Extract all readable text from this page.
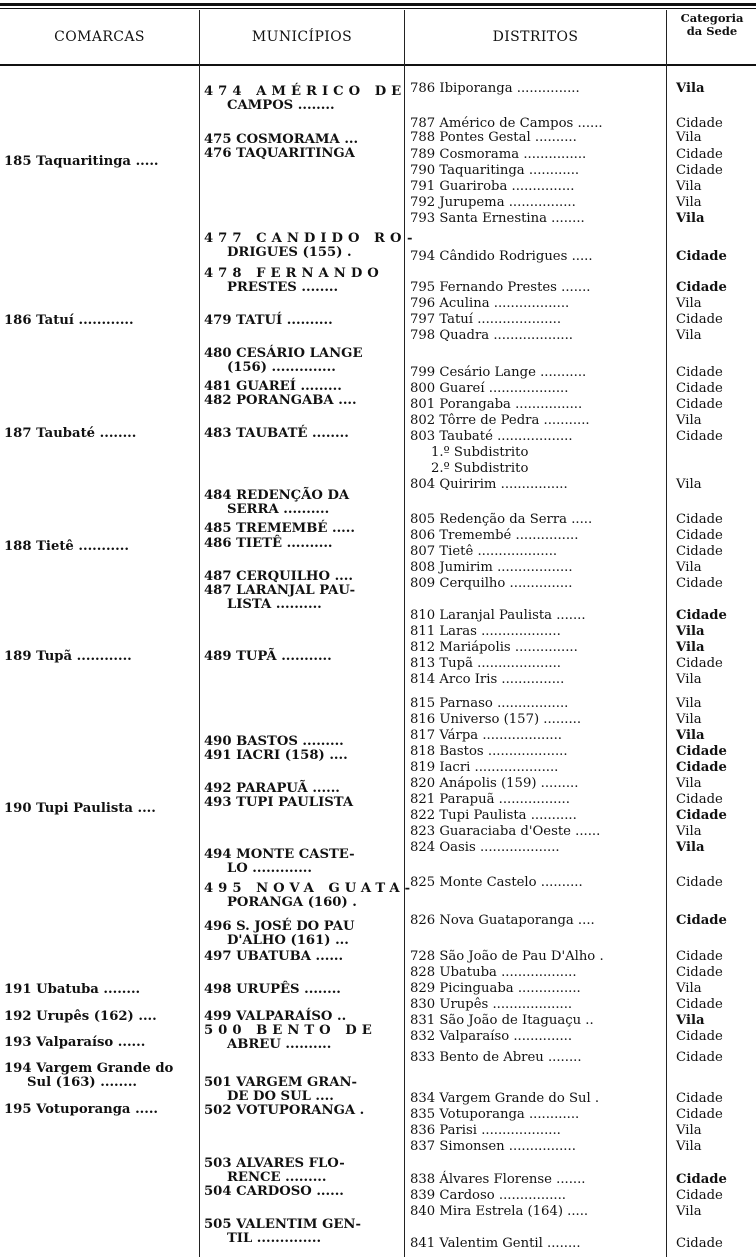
COMARCAS	MUNICÍPIOS	DISTRITOS
Categoria
da Sede
185 Taquaritinga .....
186 Tatuí ............
187 Taubaté ........
188 Tietê ...........
189 Tupã ............
190 Tupi Paulista ....
191 Ubatuba ........
192 Urupês (162) ....
193 Valparaíso ......
194 Vargem Grande do
Sul (163) ........
195 Votuporanga .....
474 AMÉRICO DE
CAMPOS ........
475 COSMORAMA ...
476 TAQUARITINGA
477 CANDIDO RO-
DRIGUES (155) .
478 FERNANDO
PRESTES ........
479 TATUÍ ..........
480 CESÁRIO LANGE
(156) ..............
481 GUAREÍ .........
482 PORANGABA ....
483 TAUBATÉ ........
484 REDENÇÃO DA
SERRA ..........
485 TREMEMBÉ .....
486 TIETÊ ..........
487 CERQUILHO ....
487 LARANJAL PAU-
LISTA ..........
489 TUPÃ ...........
490 BASTOS .........
491 IACRI (158) ....
492 PARAPUÃ ......
493 TUPI PAULISTA
494 MONTE CASTE-
LO .............
495 NOVA GUATA-
PORANGA (160) .
496 S. JOSÉ DO PAU
D'ALHO (161) ...
497 UBATUBA ......
498 URUPÊS ........
499 VALPARAÍSO ..
500 BENTO DE
ABREU ..........
501 VARGEM GRAN-
DE DO SUL ....
502 VOTUPORANGA .
503 ALVARES FLO-
RENCE .........
504 CARDOSO ......
505 VALENTIM GEN-
TIL ..............
786 Ibiporanga ...............
787 Américo de Campos ......
788 Pontes Gestal ..........
789 Cosmorama ...............
790 Taquaritinga ............
791 Guariroba ...............
792 Jurupema ................
793 Santa Ernestina ........
794 Cândido Rodrigues .....
795 Fernando Prestes .......
796 Aculina ..................
797 Tatuí ....................
798 Quadra ...................
799 Cesário Lange ...........
800 Guareí ...................
801 Porangaba ................
802 Tôrre de Pedra ...........
803 Taubaté ..................
1.º Subdistrito
2.º Subdistrito
804 Quiririm ................
805 Redenção da Serra .....
806 Tremembé ...............
807 Tietê ...................
808 Jumirim ..................
809 Cerquilho ...............
810 Laranjal Paulista .......
811 Laras ...................
812 Mariápolis ...............
813 Tupã ....................
814 Arco Iris ...............
815 Parnaso .................
816 Universo (157) .........
817 Várpa ...................
818 Bastos ...................
819 Iacri ....................
820 Anápolis (159) .........
821 Parapuã .................
822 Tupi Paulista ...........
823 Guaraciaba d'Oeste ......
824 Oasis ...................
825 Monte Castelo ..........
826 Nova Guataporanga ....
728 São João de Pau D'Alho .
828 Ubatuba ..................
829 Picinguaba ...............
830 Urupês ...................
831 São João de Itaguaçu ..
832 Valparaíso ..............
833 Bento de Abreu ........
834 Vargem Grande do Sul .
835 Votuporanga ............
836 Parisi ...................
837 Simonsen ................
838 Álvares Florense .......
839 Cardoso ................
840 Mira Estrela (164) .....
841 Valentim Gentil ........
Vila
Cidade
Vila
Cidade
Cidade
Vila
Vila
Vila
Cidade
Cidade
Vila
Cidade
Vila
Cidade
Cidade
Cidade
Vila
Cidade
Vila
Cidade
Cidade
Cidade
Vila
Cidade
Cidade
Vila
Vila
Cidade
Vila
Vila
Vila
Vila
Cidade
Cidade
Vila
Cidade
Cidade
Vila
Vila
Cidade
Cidade
Cidade
Cidade
Vila
Cidade
Vila
Cidade
Cidade
Cidade
Cidade
Vila
Vila
Cidade
Cidade
Vila
Cidade
